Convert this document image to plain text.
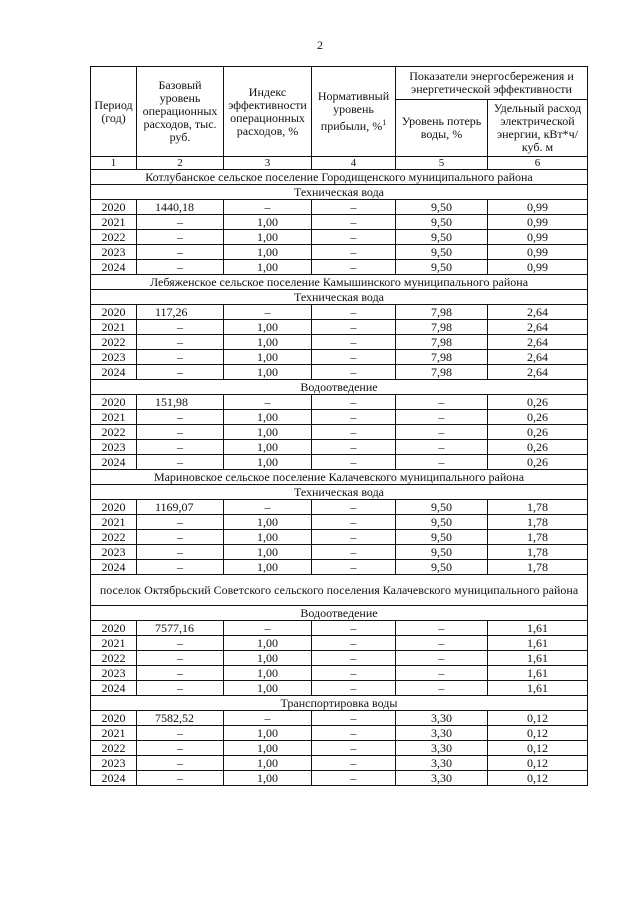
2
Период (год)	Базовый уровень операционных расходов, тыс. руб.	Индекс эффективности операционных расходов, %	Нормативный уровень прибыли, %$^1$	Показатели энергосбережения и энергетической эффективности	
				Уровень потерь воды, %	Удельный расход электрической энергии, кВт*ч/куб. м
1	2	3	4	5	6
Котлубанское сельское поселение Городищенского муниципального района					
Техническая вода					
2020	1440,18	–	–	9,50	0,99
2021	–	1,00	–	9,50	0,99
2022	–	1,00	–	9,50	0,99
2023	–	1,00	–	9,50	0,99
2024	–	1,00	–	9,50	0,99
Лебяженское сельское поселение Камышинского муниципального района					
Техническая вода					
2020	117,26	–	–	7,98	2,64
2021	–	1,00	–	7,98	2,64
2022	–	1,00	–	7,98	2,64
2023	–	1,00	–	7,98	2,64
2024	–	1,00	–	7,98	2,64
Водоотведение					
2020	151,98	–	–	–	0,26
2021	–	1,00	–	–	0,26
2022	–	1,00	–	–	0,26
2023	–	1,00	–	–	0,26
2024	–	1,00	–	–	0,26
Мариновское сельское поселение Калачевского муниципального района					
Техническая вода					
2020	1169,07	–	–	9,50	1,78
2021	–	1,00	–	9,50	1,78
2022	–	1,00	–	9,50	1,78
2023	–	1,00	–	9,50	1,78
2024	–	1,00	–	9,50	1,78
поселок Октябрьский Советского сельского поселения Калачевского муниципального района					
Водоотведение					
2020	7577,16	–	–	–	1,61
2021	–	1,00	–	–	1,61
2022	–	1,00	–	–	1,61
2023	–	1,00	–	–	1,61
2024	–	1,00	–	–	1,61
Транспортировка воды					
2020	7582,52	–	–	3,30	0,12
2021	–	1,00	–	3,30	0,12
2022	–	1,00	–	3,30	0,12
2023	–	1,00	–	3,30	0,12
2024	–	1,00	–	3,30	0,12
